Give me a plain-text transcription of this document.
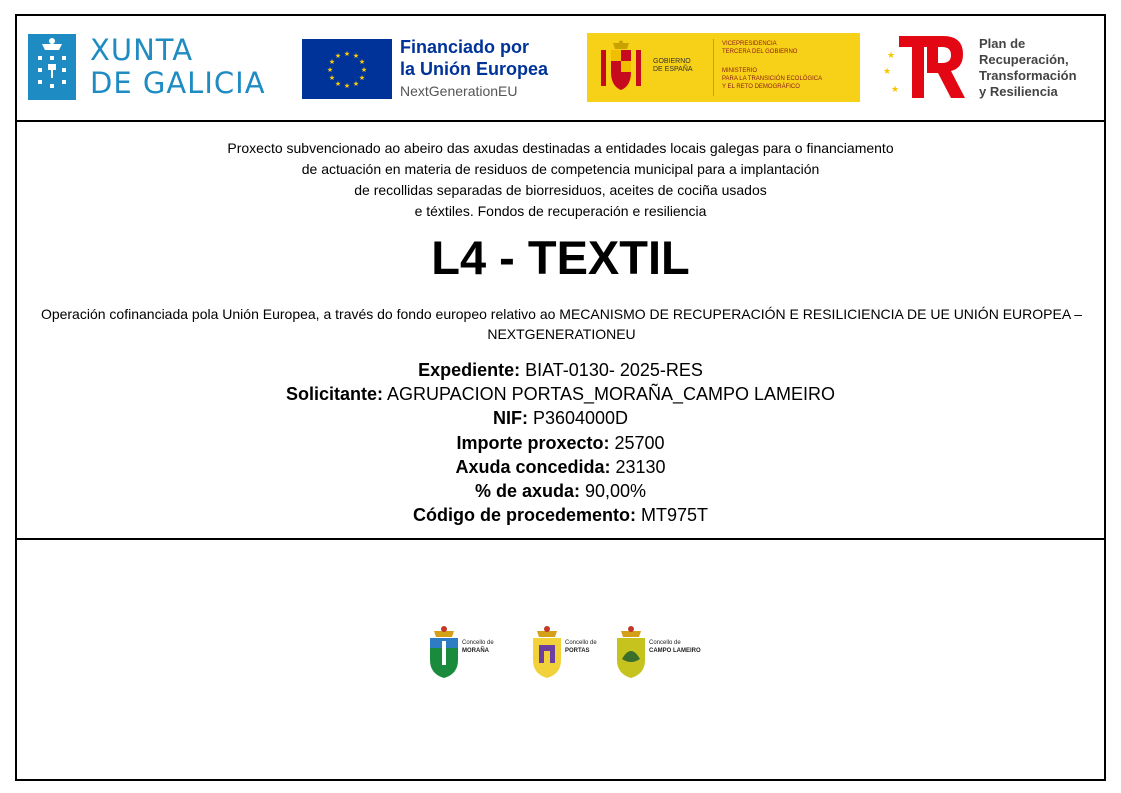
XUNTA
DE GALICIA
★ ★
★
★
★
★
★
★
★
★
★
★	Financiado por
la Unión Europea
NextGenerationEU
GOBIERNO
DE ESPAÑA
VICEPRESIDENCIA
TERCERA DEL GOBIERNO
MINISTERIO
PARA LA TRANSICIÓN ECOLÓGICA
Y EL RETO DEMOGRÁFICO
★
★
★
Plan de
Recuperación,
Transformación
y Resiliencia
Proxecto subvencionado ao abeiro das axudas destinadas a entidades locais galegas para o financiamento
de actuación en materia de residuos de competencia municipal para a implantación
de recollidas separadas de biorresiduos, aceites de cociña usados
e téxtiles. Fondos de recuperación e resiliencia
L4 - TEXTIL
Operación cofinanciada pola Unión Europea, a través do fondo europeo relativo ao MECANISMO DE RECUPERACIÓN E RESILICIENCIA DE UE UNIÓN EUROPEA – NEXTGENERATIONEU
Expediente: BIAT-0130- 2025-RES
Solicitante: AGRUPACION PORTAS_MORAÑA_CAMPO LAMEIRO
NIF: P3604000D
Importe proxecto: 25700
Axuda concedida: 23130
% de axuda: 90,00%
Código de procedemento: MT975T
Concello de
MORAÑA
Concello de
PORTAS
Concello de
CAMPO LAMEIRO
